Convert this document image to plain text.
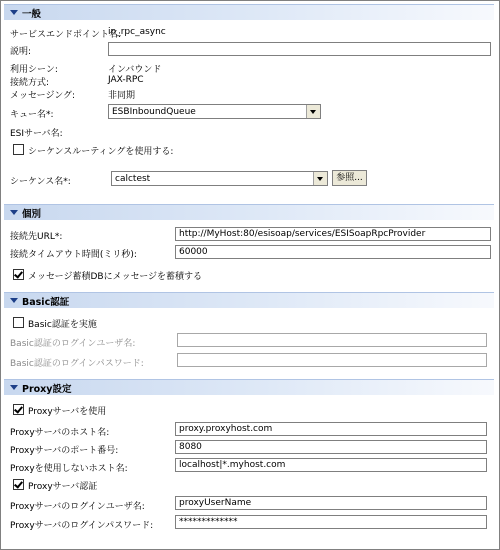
一般
サービスエンドポイント名:
in_rpc_async
説明:
利用シーン:	インバウンド
接続方式:	JAX-RPC
メッセージング:	非同期
キュー名*:	ESBInboundQueue
ESIサーバ名:
シーケンスルーティングを使用する:
シーケンス名*:	calctest	参照...
個別
接続先URL*:	http://MyHost:80/esisoap/services/ESISoapRpcProvider
接続タイムアウト時間(ミリ秒):	60000
メッセージ蓄積DBにメッセージを蓄積する
Basic認証
Basic認証を実施
Basic認証のログインユーザ名:
Basic認証のログインパスワード:
Proxy設定
Proxyサーバを使用
Proxyサーバのホスト名:	proxy.proxyhost.com
Proxyサーバのポート番号:	8080
Proxyを使用しないホスト名:	localhost|*.myhost.com
Proxyサーバ認証
Proxyサーバのログインユーザ名:	proxyUserName
Proxyサーバのログインパスワード:	*************
